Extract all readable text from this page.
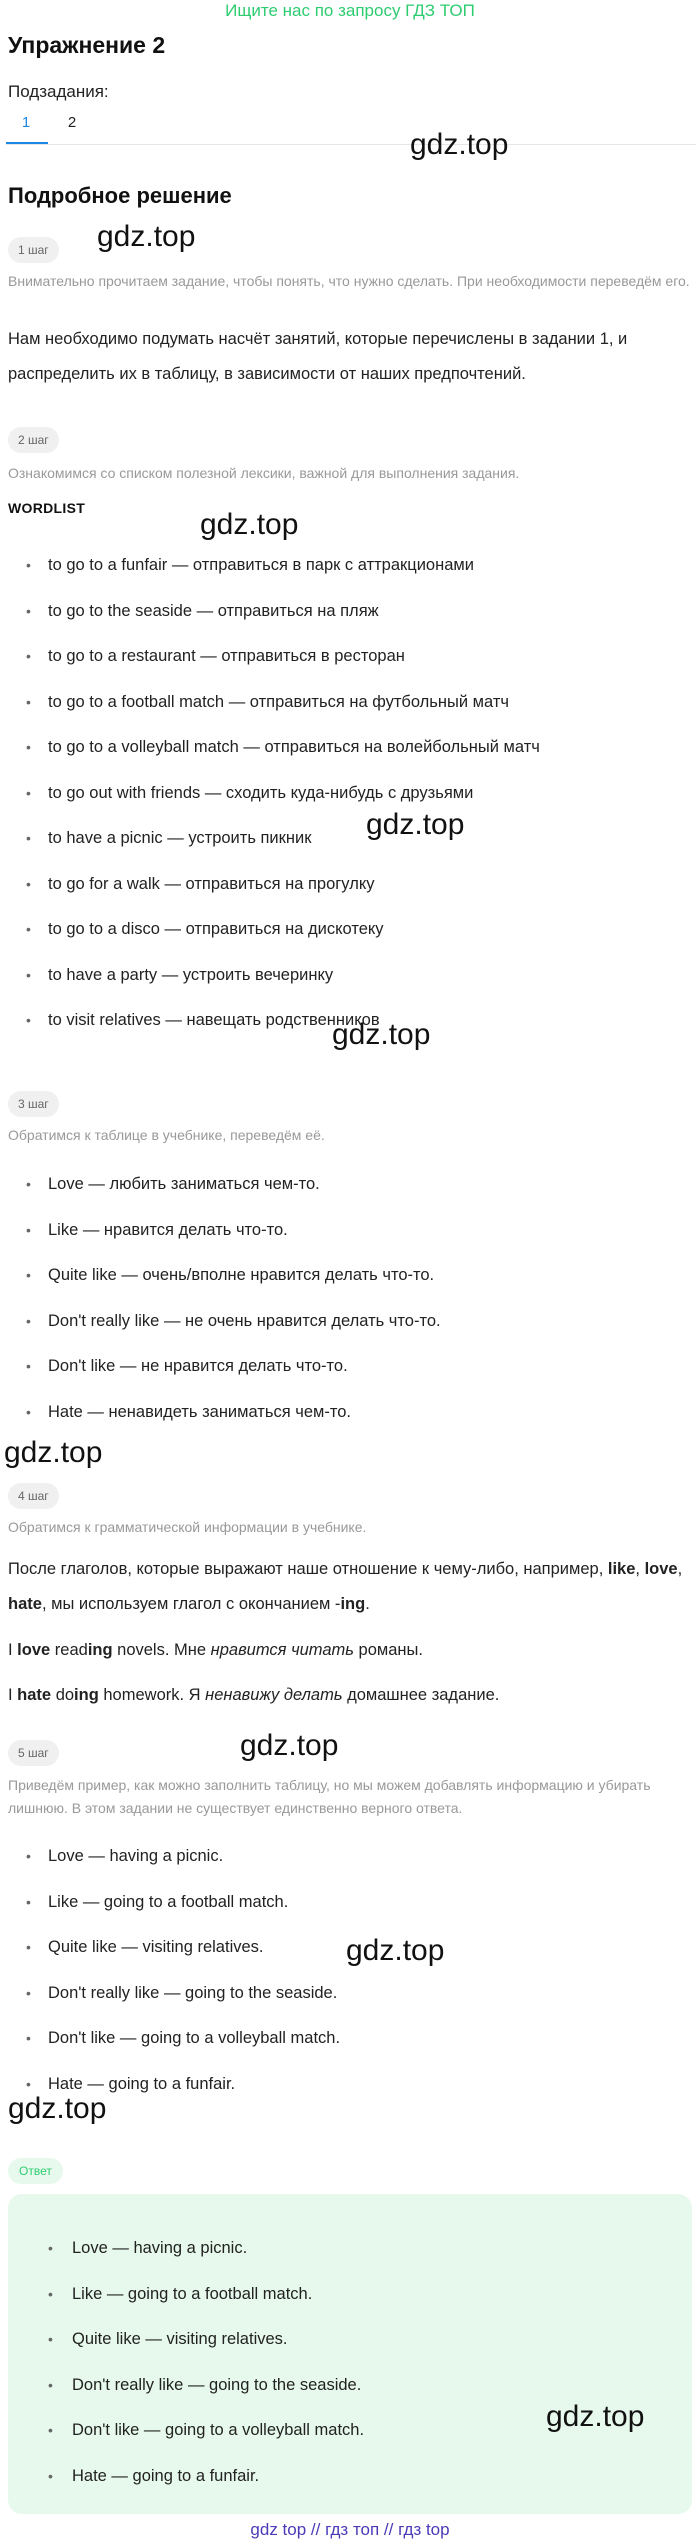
Ищите нас по запросу ГДЗ ТОП
Упражнение 2
Подзадания:
1	2
Подробное решение
1 шаг
Внимательно прочитаем задание, чтобы понять, что нужно сделать. При необходимости переведём его.
Нам необходимо подумать насчёт занятий, которые перечислены в задании 1, и распределить их в таблицу, в зависимости от наших предпочтений.
2 шаг
Ознакомимся со списком полезной лексики, важной для выполнения задания.
WORDLIST
• to go to a funfair — отправиться в парк с аттракционами
• to go to the seaside — отправиться на пляж
• to go to a restaurant — отправиться в ресторан
• to go to a football match — отправиться на футбольный матч
• to go to a volleyball match — отправиться на волейбольный матч
• to go out with friends — сходить куда-нибудь с друзьями
• to have a picnic — устроить пикник
• to go for a walk — отправиться на прогулку
• to go to a disco — отправиться на дискотеку
• to have a party — устроить вечеринку
• to visit relatives — навещать родственников
3 шаг
Обратимся к таблице в учебнике, переведём её.
• Love — любить заниматься чем-то.
• Like — нравится делать что-то.
• Quite like — очень/вполне нравится делать что-то.
• Don't really like — не очень нравится делать что-то.
• Don't like — не нравится делать что-то.
• Hate — ненавидеть заниматься чем-то.
4 шаг
Обратимся к грамматической информации в учебнике.
После глаголов, которые выражают наше отношение к чему-либо, например, like, love, hate, мы используем глагол с окончанием -ing.
I love reading novels. Мне нравится читать романы.
I hate doing homework. Я ненавижу делать домашнее задание.
5 шаг
Приведём пример, как можно заполнить таблицу, но мы можем добавлять информацию и убирать лишнюю. В этом задании не существует единственно верного ответа.
• Love — having a picnic.
• Like — going to a football match.
• Quite like — visiting relatives.
• Don't really like — going to the seaside.
• Don't like — going to a volleyball match.
• Hate — going to a funfair.
Ответ
• Love — having a picnic.
• Like — going to a football match.
• Quite like — visiting relatives.
• Don't really like — going to the seaside.
• Don't like — going to a volleyball match.
• Hate — going to a funfair.
gdz.top
gdz.top
gdz.top
gdz.top
gdz.top
gdz.top
gdz.top
gdz.top
gdz.top
gdz.top
gdz top // гдз топ // гдз top
